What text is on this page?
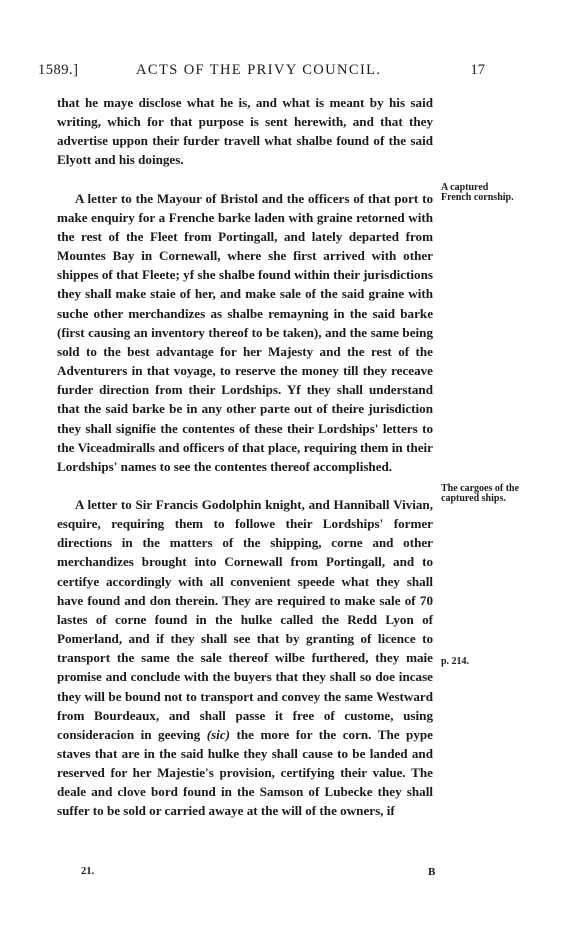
1589.]	ACTS OF THE PRIVY COUNCIL.	17

that he maye disclose what he is, and what is meant by his said writing, which for that purpose is sent herewith, and that they advertise uppon their furder travell what shalbe found of the said Elyott and his doinges.

A letter to the Mayour of Bristol and the officers of that port to make enquiry for a Frenche barke laden with graine retorned with the rest of the Fleet from Portingall, and lately departed from Mountes Bay in Cornewall, where she first arrived with other shippes of that Fleete; yf she shalbe found within their jurisdictions they shall make staie of her, and make sale of the said graine with suche other merchandizes as shalbe remayning in the said barke (first causing an inventory thereof to be taken), and the same being sold to the best advantage for her Majesty and the rest of the Adventurers in that voyage, to reserve the money till they receave furder direction from their Lordships. Yf they shall understand that the said barke be in any other parte out of theire jurisdiction they shall signifie the contentes of these their Lordships' letters to the Viceadmiralls and officers of that place, requiring them in their Lordships' names to see the contentes thereof accomplished.

A letter to Sir Francis Godolphin knight, and Hanniball Vivian, esquire, requiring them to followe their Lordships' former directions in the matters of the shipping, corne and other merchandizes brought into Cornewall from Portingall, and to certifye accordingly with all convenient speede what they shall have found and don therein. They are required to make sale of 70 lastes of corne found in the hulke called the Redd Lyon of Pomerland, and if they shall see that by granting of licence to transport the same the sale thereof wilbe furthered, they maie promise and conclude with the buyers that they shall so doe incase they will be bound not to transport and convey the same Westward from Bourdeaux, and shall passe it free of custome, using consideracion in geeving (sic) the more for the corn. The pype staves that are in the said hulke they shall cause to be landed and reserved for her Majestie's provision, certifying their value. The deale and clove bord found in the Samson of Lubecke they shall suffer to be sold or carried awaye at the will of the owners, if

A captured French cornship.
The cargoes of the captured ships.
p. 214.
21.	B
